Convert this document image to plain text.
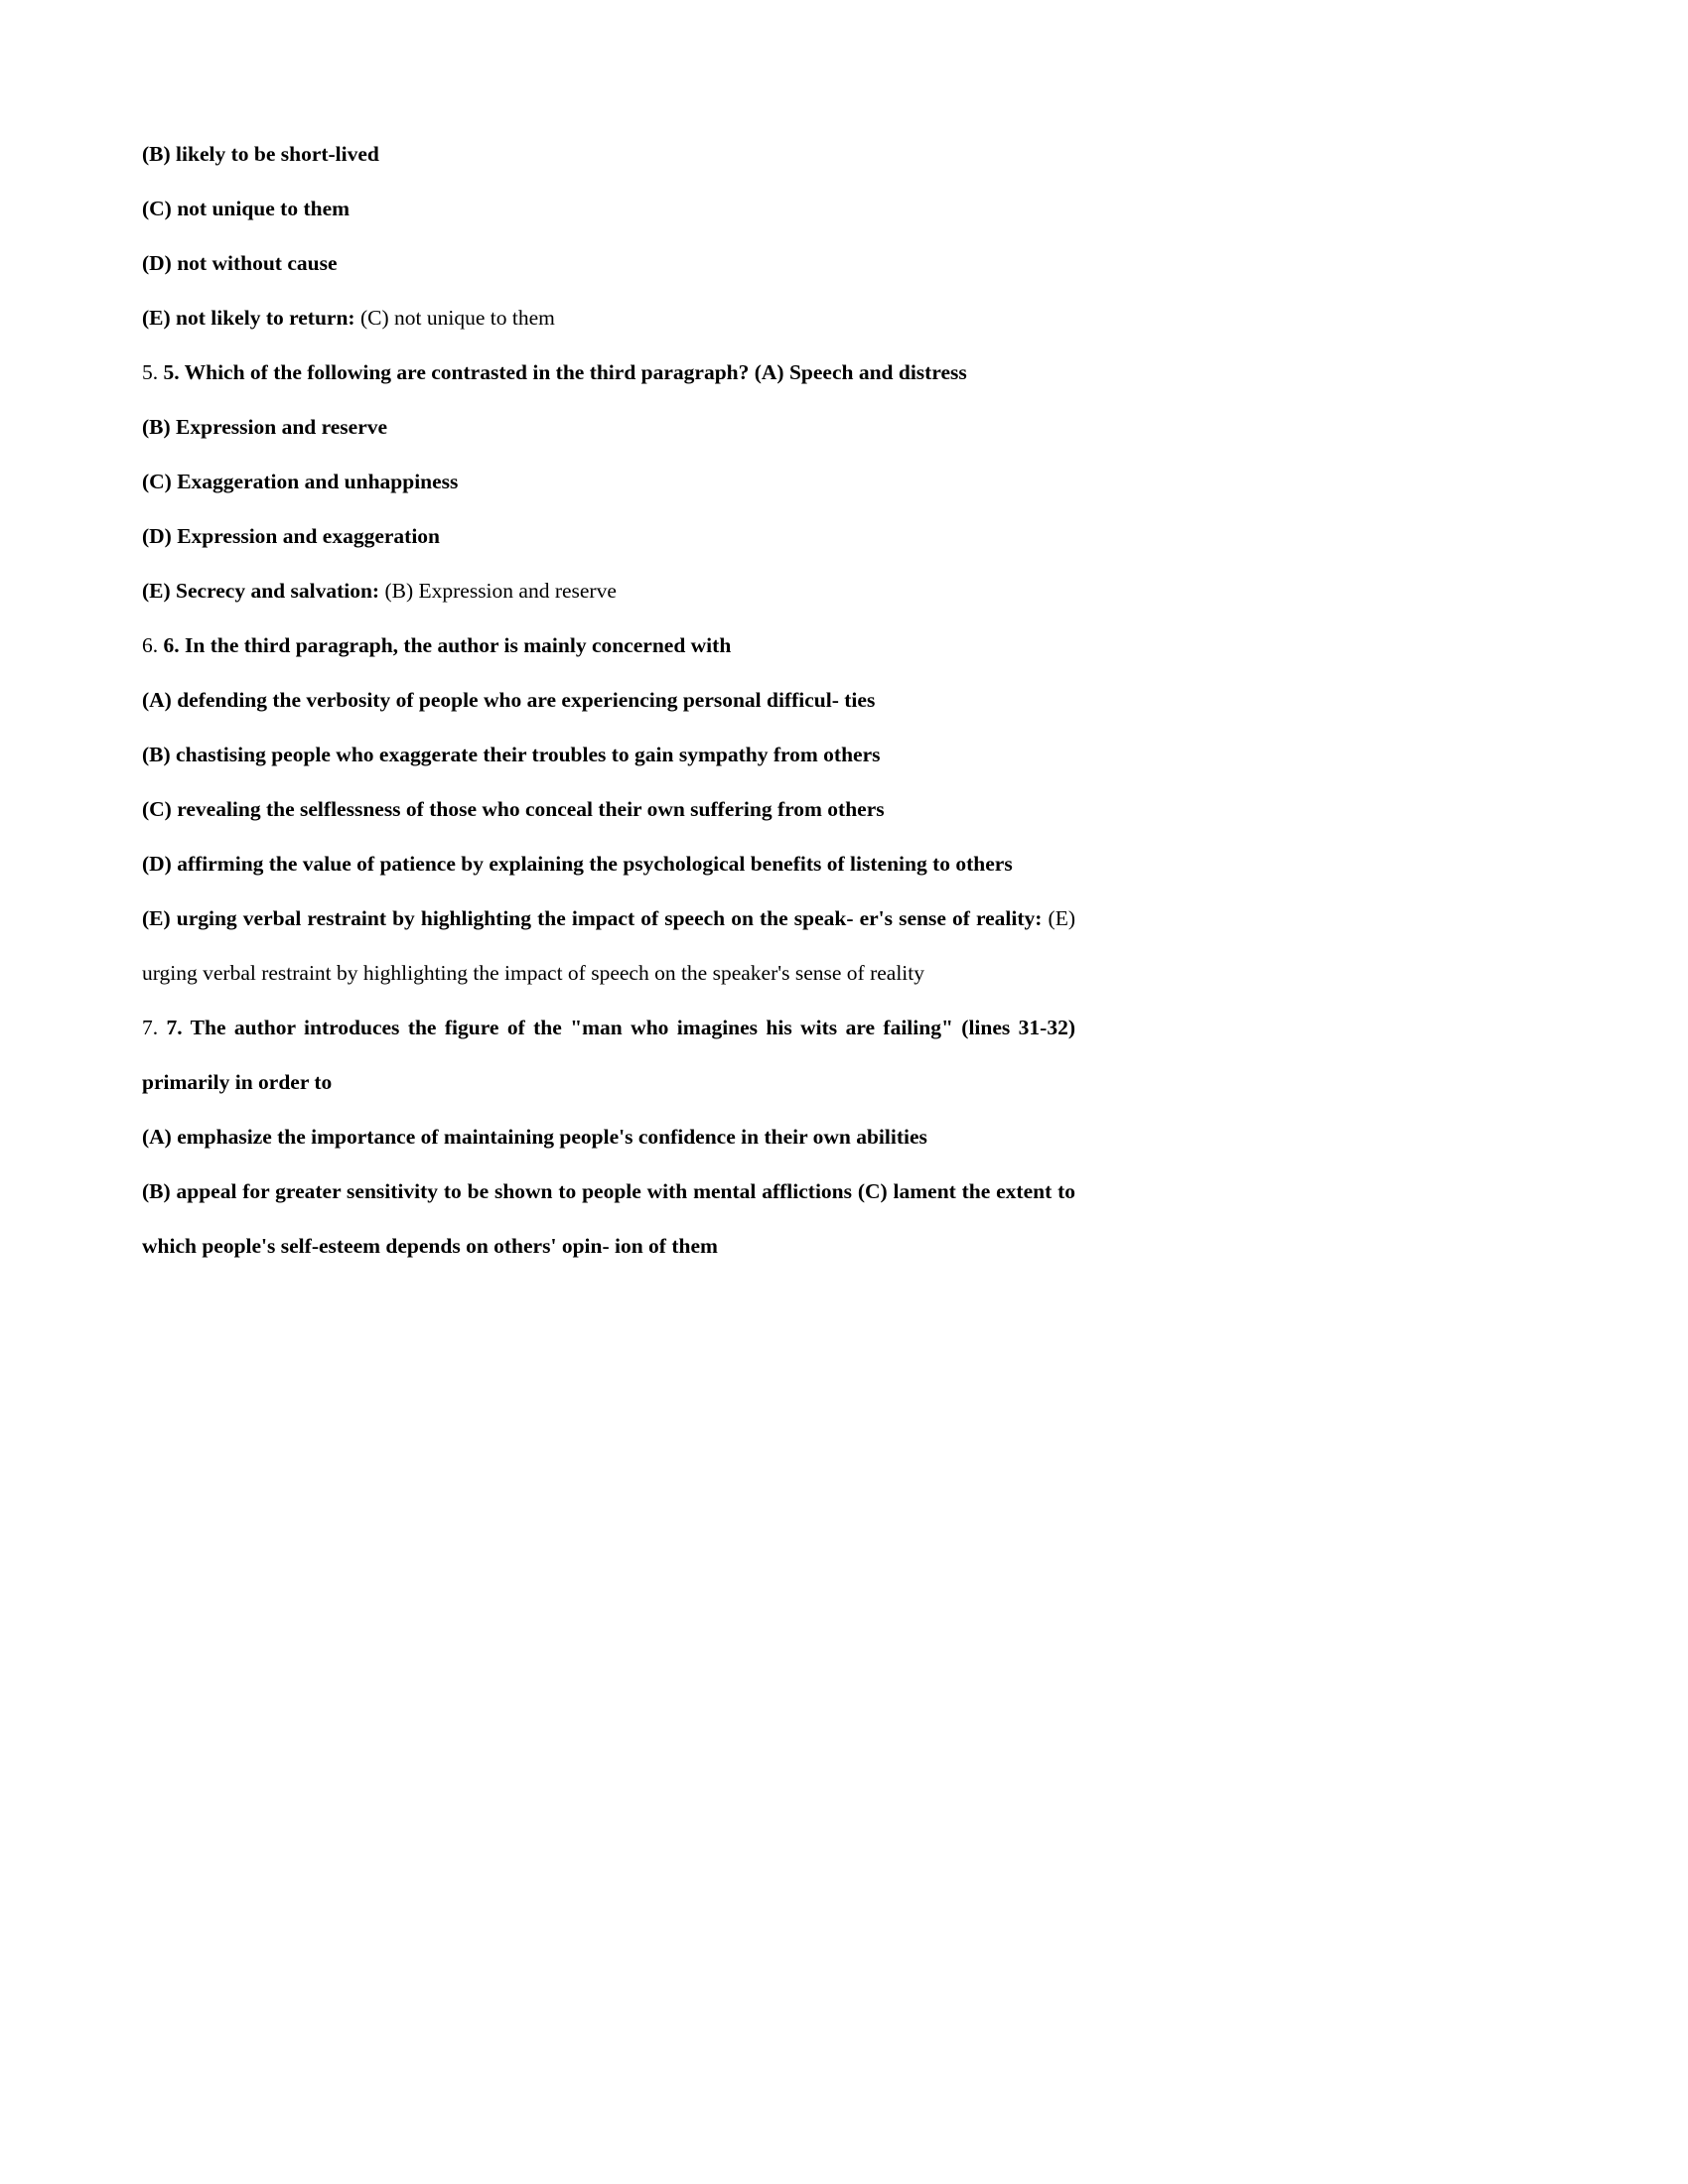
(B) likely to be short-lived

(C) not unique to them

(D) not without cause

(E) not likely to return: (C) not unique to them

5. 5. Which of the following are contrasted in the third paragraph? (A) Speech and distress

(B) Expression and reserve

(C) Exaggeration and unhappiness

(D) Expression and exaggeration

(E) Secrecy and salvation: (B) Expression and reserve

6. 6. In the third paragraph, the author is mainly concerned with

(A) defending the verbosity of people who are experiencing personal difficul- ties

(B) chastising people who exaggerate their troubles to gain sympathy from others

(C) revealing the selflessness of those who conceal their own suffering from others

(D) affirming the value of patience by explaining the psychological benefits of listening to others

(E) urging verbal restraint by highlighting the impact of speech on the speak- er's sense of reality: (E) urging verbal restraint by highlighting the impact of speech on the speaker's sense of reality

7. 7. The author introduces the figure of the "man who imagines his wits are failing" (lines 31-32) primarily in order to

(A) emphasize the importance of maintaining people's confidence in their own abilities

(B) appeal for greater sensitivity to be shown to people with mental afflictions (C) lament the extent to which people's self-esteem depends on others' opin- ion of them
